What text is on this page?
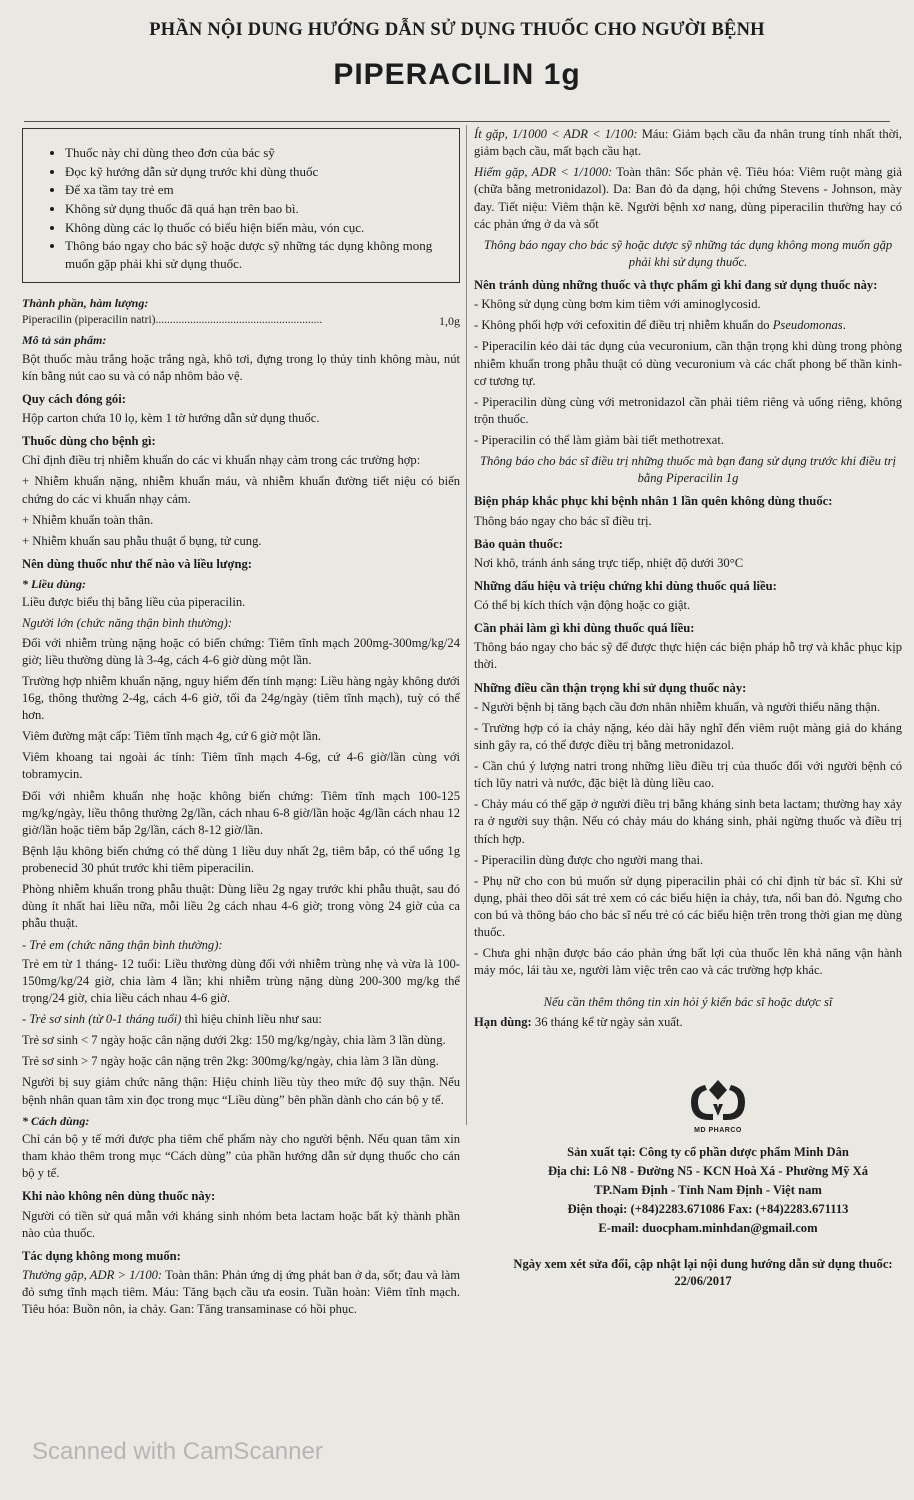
PHẦN NỘI DUNG HƯỚNG DẪN SỬ DỤNG THUỐC CHO NGƯỜI BỆNH
PIPERACILIN 1g
• Thuốc này chỉ dùng theo đơn của bác sỹ
• Đọc kỹ hướng dẫn sử dụng trước khi dùng thuốc
• Để xa tầm tay trẻ em
• Không sử dụng thuốc đã quá hạn trên bao bì.
• Không dùng các lọ thuốc có biểu hiện biến màu, vón cục.
• Thông báo ngay cho bác sỹ hoặc dược sỹ những tác dụng không mong muốn gặp phải khi sử dụng thuốc.
Thành phần, hàm lượng:
Piperacilin (piperacilin natri)..........................................................	1,0g
Mô tả sản phẩm:

Bột thuốc màu trắng hoặc trắng ngà, khô tơi, đựng trong lọ thủy tinh không màu, nút kín bằng nút cao su và có nắp nhôm bảo vệ.

Quy cách đóng gói:

Hộp carton chứa 10 lọ, kèm 1 tờ hướng dẫn sử dụng thuốc.

Thuốc dùng cho bệnh gì:

Chỉ định điều trị nhiễm khuẩn do các vi khuẩn nhạy cảm trong các trường hợp:

+ Nhiễm khuẩn nặng, nhiễm khuẩn máu, và nhiễm khuẩn đường tiết niệu có biến chứng do các vi khuẩn nhạy cảm.

+ Nhiễm khuẩn toàn thân.

+ Nhiễm khuẩn sau phẫu thuật ổ bụng, tử cung.

Nên dùng thuốc như thế nào và liều lượng:
* Liều dùng:

Liều được biểu thị bằng liều của piperacilin.

Người lớn (chức năng thận bình thường):

Đối với nhiễm trùng nặng hoặc có biến chứng: Tiêm tĩnh mạch 200mg-300mg/kg/24 giờ; liều thường dùng là 3-4g, cách 4-6 giờ dùng một lần.

Trường hợp nhiễm khuẩn nặng, nguy hiểm đến tính mạng: Liều hàng ngày không dưới 16g, thông thường 2-4g, cách 4-6 giờ, tối đa 24g/ngày (tiêm tĩnh mạch), tuỳ có thể hơn.

Viêm đường mật cấp: Tiêm tĩnh mạch 4g, cứ 6 giờ một lần.

Viêm khoang tai ngoài ác tính: Tiêm tĩnh mạch 4-6g, cứ 4-6 giờ/lần cùng với tobramycin.

Đối với nhiễm khuẩn nhẹ hoặc không biến chứng: Tiêm tĩnh mạch 100-125 mg/kg/ngày, liều thông thường 2g/lần, cách nhau 6-8 giờ/lần hoặc 4g/lần cách nhau 12 giờ/lần hoặc tiêm bắp 2g/lần, cách 8-12 giờ/lần.

Bệnh lậu không biến chứng có thể dùng 1 liều duy nhất 2g, tiêm bắp, có thể uống 1g probenecid 30 phút trước khi tiêm piperacilin.

Phòng nhiễm khuẩn trong phẫu thuật: Dùng liều 2g ngay trước khi phẫu thuật, sau đó dùng ít nhất hai liều nữa, mỗi liều 2g cách nhau 4-6 giờ; trong vòng 24 giờ của ca phẫu thuật.

- Trẻ em (chức năng thận bình thường):

Trẻ em từ 1 tháng- 12 tuổi: Liều thường dùng đối với nhiễm trùng nhẹ và vừa là 100-150mg/kg/24 giờ, chia làm 4 lần; khi nhiễm trùng nặng dùng 200-300 mg/kg thể trọng/24 giờ, chia liều cách nhau 4-6 giờ.

- Trẻ sơ sinh (từ 0-1 tháng tuổi) thì hiệu chỉnh liều như sau:

Trẻ sơ sinh < 7 ngày hoặc cân nặng dưới 2kg: 150 mg/kg/ngày, chia làm 3 lần dùng.

Trẻ sơ sinh > 7 ngày hoặc cân nặng trên 2kg: 300mg/kg/ngày, chia làm 3 lần dùng.

Người bị suy giảm chức năng thận: Hiệu chỉnh liều tùy theo mức độ suy thận. Nếu bệnh nhân quan tâm xin đọc trong mục “Liều dùng” bên phần dành cho cán bộ y tế.

* Cách dùng:

Chỉ cán bộ y tế mới được pha tiêm chế phẩm này cho người bệnh. Nếu quan tâm xin tham khảo thêm trong mục “Cách dùng” của phần hướng dẫn sử dụng thuốc cho cán bộ y tế.

Khi nào không nên dùng thuốc này:

Người có tiền sử quá mẫn với kháng sinh nhóm beta lactam hoặc bất kỳ thành phần nào của thuốc.

Tác dụng không mong muốn:

Thường gặp, ADR > 1/100: Toàn thân: Phản ứng dị ứng phát ban ở da, sốt; đau và làm đỏ sưng tĩnh mạch tiêm. Máu: Tăng bạch cầu ưa eosin. Tuần hoàn: Viêm tĩnh mạch. Tiêu hóa: Buồn nôn, ỉa chảy. Gan: Tăng transaminase có hồi phục.

Ít gặp, 1/1000 < ADR < 1/100: Máu: Giảm bạch cầu đa nhân trung tính nhất thời, giảm bạch cầu, mất bạch cầu hạt.

Hiếm gặp, ADR < 1/1000: Toàn thân: Sốc phản vệ. Tiêu hóa: Viêm ruột màng giả (chữa bằng metronidazol). Da: Ban đỏ đa dạng, hội chứng Stevens - Johnson, mày đay. Tiết niệu: Viêm thận kẽ. Người bệnh xơ nang, dùng piperacilin thường hay có các phản ứng ở da và sốt

Thông báo ngay cho bác sỹ hoặc dược sỹ những tác dụng không mong muốn gặp phải khi sử dụng thuốc.
Nên tránh dùng những thuốc và thực phẩm gì khi đang sử dụng thuốc này:

- Không sử dụng cùng bơm kim tiêm với aminoglycosid.

- Không phối hợp với cefoxitin để điều trị nhiễm khuẩn do Pseudomonas.

- Piperacilin kéo dài tác dụng của vecuronium, cần thận trọng khi dùng trong phòng nhiễm khuẩn trong phẫu thuật có dùng vecuronium và các chất phong bế thần kinh-cơ tương tự.

- Piperacilin dùng cùng với metronidazol cần phải tiêm riêng và uống riêng, không trộn thuốc.

- Piperacilin có thể làm giảm bài tiết methotrexat.

Thông báo cho bác sĩ điều trị những thuốc mà bạn đang sử dụng trước khi điều trị bằng Piperacilin 1g
Biện pháp khắc phục khi bệnh nhân 1 lần quên không dùng thuốc:

Thông báo ngay cho bác sĩ điều trị.

Bảo quản thuốc:

Nơi khô, tránh ánh sáng trực tiếp, nhiệt độ dưới 30°C

Những dấu hiệu và triệu chứng khi dùng thuốc quá liều:

Có thể bị kích thích vận động hoặc co giật.

Cần phải làm gì khi dùng thuốc quá liều:

Thông báo ngay cho bác sỹ để được thực hiện các biện pháp hỗ trợ và khắc phục kịp thời.

Những điều cần thận trọng khi sử dụng thuốc này:

- Người bệnh bị tăng bạch cầu đơn nhân nhiễm khuẩn, và người thiểu năng thận.

- Trường hợp có ỉa chảy nặng, kéo dài hãy nghĩ đến viêm ruột màng giả do kháng sinh gây ra, có thể được điều trị bằng metronidazol.

- Cần chú ý lượng natri trong những liều điều trị của thuốc đối với người bệnh có tích lũy natri và nước, đặc biệt là dùng liều cao.

- Chảy máu có thể gặp ở người điều trị bằng kháng sinh beta lactam; thường hay xảy ra ở người suy thận. Nếu có chảy máu do kháng sinh, phải ngừng thuốc và điều trị thích hợp.

- Piperacilin dùng được cho người mang thai.

- Phụ nữ cho con bú muốn sử dụng piperacilin phải có chỉ định từ bác sĩ. Khi sử dụng, phải theo dõi sát trẻ xem có các biểu hiện ỉa chảy, tưa, nổi ban đỏ. Ngưng cho con bú và thông báo cho bác sĩ nếu trẻ có các biểu hiện trên trong thời gian mẹ dùng thuốc.

- Chưa ghi nhận được báo cáo phản ứng bất lợi của thuốc lên khả năng vận hành máy móc, lái tàu xe, người làm việc trên cao và các trường hợp khác.

Nếu cần thêm thông tin xin hỏi ý kiến bác sĩ hoặc dược sĩ

Hạn dùng: 36 tháng kể từ ngày sản xuất.

MD PHARCO
Sản xuất tại: Công ty cổ phần dược phẩm Minh Dân
Địa chỉ: Lô N8 - Đường N5 - KCN Hoà Xá - Phường Mỹ Xá
TP.Nam Định - Tỉnh Nam Định - Việt nam
Điện thoại: (+84)2283.671086 Fax: (+84)2283.671113
E-mail: duocpham.minhdan@gmail.com
Ngày xem xét sửa đổi, cập nhật lại nội dung hướng dẫn sử dụng thuốc:
22/06/2017
Scanned with CamScanner
